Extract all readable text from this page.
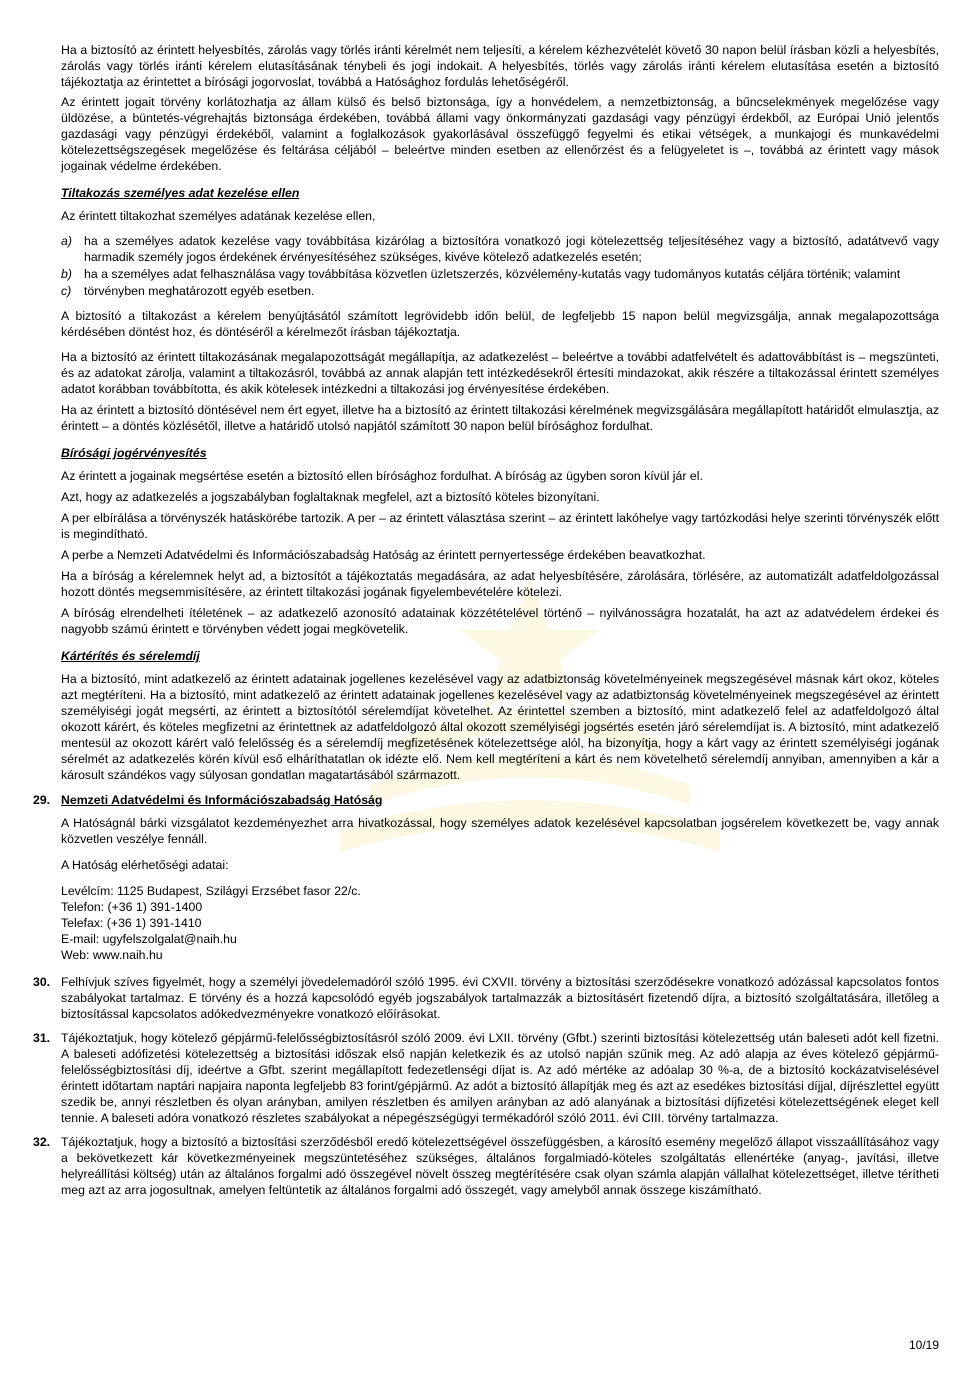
Ha a biztosító az érintett helyesbítés, zárolás vagy törlés iránti kérelmét nem teljesíti, a kérelem kézhezvételét követő 30 napon belül írásban közli a helyesbítés, zárolás vagy törlés iránti kérelem elutasításának ténybeli és jogi indokait. A helyesbítés, törlés vagy zárolás iránti kérelem elutasítása esetén a biztosító tájékoztatja az érintettet a bírósági jogorvoslat, továbbá a Hatósághoz fordulás lehetőségéről.

Az érintett jogait törvény korlátozhatja az állam külső és belső biztonsága, így a honvédelem, a nemzetbiztonság, a bűncselekmények megelőzése vagy üldözése, a büntetés-végrehajtás biztonsága érdekében, továbbá állami vagy önkormányzati gazdasági vagy pénzügyi érdekből, az Európai Unió jelentős gazdasági vagy pénzügyi érdekéből, valamint a foglalkozások gyakorlásával összefüggő fegyelmi és etikai vétségek, a munkajogi és munkavédelmi kötelezettségszegések megelőzése és feltárása céljából – beleértve minden esetben az ellenőrzést és a felügyeletet is –, továbbá az érintett vagy mások jogainak védelme érdekében.

Tiltakozás személyes adat kezelése ellen

Az érintett tiltakozhat személyes adatának kezelése ellen,

a) ha a személyes adatok kezelése vagy továbbítása kizárólag a biztosítóra vonatkozó jogi kötelezettség teljesítéséhez vagy a biztosító, adatátvevő vagy harmadik személy jogos érdekének érvényesítéséhez szükséges, kivéve kötelező adatkezelés esetén;
b) ha a személyes adat felhasználása vagy továbbítása közvetlen üzletszerzés, közvélemény-kutatás vagy tudományos kutatás céljára történik; valamint
c)	törvényben meghatározott egyéb esetben.

A biztosító a tiltakozást a kérelem benyújtásától számított legrövidebb időn belül, de legfeljebb 15 napon belül megvizsgálja, annak megalapozottsága kérdésében döntést hoz, és döntéséről a kérelmezőt írásban tájékoztatja.

Ha a biztosító az érintett tiltakozásának megalapozottságát megállapítja, az adatkezelést – beleértve a további adatfelvételt és adattovábbítást is – megszünteti, és az adatokat zárolja, valamint a tiltakozásról, továbbá az annak alapján tett intézkedésekről értesíti mindazokat, akik részére a tiltakozással érintett személyes adatot korábban továbbította, és akik kötelesek intézkedni a tiltakozási jog érvényesítése érdekében.

Ha az érintett a biztosító döntésével nem ért egyet, illetve ha a biztosító az érintett tiltakozási kérelmének megvizsgálására megállapított határidőt elmulasztja, az érintett – a döntés közlésétől, illetve a határidő utolsó napjától számított 30 napon belül bírósághoz fordulhat.

Bírósági jogérvényesítés

Az érintett a jogainak megsértése esetén a biztosító ellen bírósághoz fordulhat. A bíróság az ügyben soron kívül jár el.

Azt, hogy az adatkezelés a jogszabályban foglaltaknak megfelel, azt a biztosító köteles bizonyítani.

A per elbírálása a törvényszék hatáskörébe tartozik. A per – az érintett választása szerint – az érintett lakóhelye vagy tartózkodási helye szerinti törvényszék előtt is megindítható.

A perbe a Nemzeti Adatvédelmi és Információszabadság Hatóság az érintett pernyertessége érdekében beavatkozhat.

Ha a bíróság a kérelemnek helyt ad, a biztosítót a tájékoztatás megadására, az adat helyesbítésére, zárolására, törlésére, az automatizált adatfeldolgozással hozott döntés megsemmisítésére, az érintett tiltakozási jogának figyelembevételére kötelezi.

A bíróság elrendelheti ítéletének – az adatkezelő azonosító adatainak közzétételével történő – nyilvánosságra hozatalát, ha azt az adatvédelem érdekei és nagyobb számú érintett e törvényben védett jogai megkövetelik.

Kártérítés és sérelemdíj

Ha a biztosító, mint adatkezelő az érintett adatainak jogellenes kezelésével vagy az adatbiztonság követelményeinek megszegésével másnak kárt okoz, köteles azt megtéríteni. Ha a biztosító, mint adatkezelő az érintett adatainak jogellenes kezelésével vagy az adatbiztonság követelményeinek megszegésével az érintett személyiségi jogát megsérti, az érintett a biztosítótól sérelemdíjat követelhet. Az érintettel szemben a biztosító, mint adatkezelő felel az adatfeldolgozó által okozott kárért, és köteles megfizetni az érintettnek az adatfeldolgozó által okozott személyiségi jogsértés esetén járó sérelemdíjat is. A biztosító, mint adatkezelő mentesül az okozott kárért való felelősség és a sérelemdíj megfizetésének kötelezettsége alól, ha bizonyítja, hogy a kárt vagy az érintett személyiségi jogának sérelmét az adatkezelés körén kívül eső elháríthatatlan ok idézte elő. Nem kell megtéríteni a kárt és nem követelhető sérelemdíj annyiban, amennyiben a kár a károsult szándékos vagy súlyosan gondatlan magatartásából származott.

29. Nemzeti Adatvédelmi és Információszabadság Hatóság

A Hatóságnál bárki vizsgálatot kezdeményezhet arra hivatkozással, hogy személyes adatok kezelésével kapcsolatban jogsérelem következett be, vagy annak közvetlen veszélye fennáll.

A Hatóság elérhetőségi adatai:
Levélcím: 1125 Budapest, Szilágyi Erzsébet fasor 22/c.
Telefon: (+36 1) 391-1400
Telefax: (+36 1) 391-1410
E-mail: ugyfelszolgalat@naih.hu
Web: www.naih.hu
30. Felhívjuk szíves figyelmét, hogy a személyi jövedelemadóról szóló 1995. évi CXVII. törvény a biztosítási szerződésekre vonatkozó adózással kapcsolatos fontos szabályokat tartalmaz. E törvény és a hozzá kapcsolódó egyéb jogszabályok tartalmazzák a biztosításért fizetendő díjra, a biztosító szolgáltatására, illetőleg a biztosítással kapcsolatos adókedvezményekre vonatkozó előírásokat.

31. Tájékoztatjuk, hogy kötelező gépjármű-felelősségbiztosításról szóló 2009. évi LXII. törvény (Gfbt.) szerinti biztosítási kötelezettség után baleseti adót kell fizetni. A baleseti adófizetési kötelezettség a biztosítási időszak első napján keletkezik és az utolsó napján szűnik meg. Az adó alapja az éves kötelező gépjármű-felelősségbiztosítási díj, ideértve a Gfbt. szerint megállapított fedezetlenségi díjat is. Az adó mértéke az adóalap 30 %-a, de a biztosító kockázatviselésével érintett időtartam naptári napjaira naponta legfeljebb 83 forint/gépjármű. Az adót a biztosító állapítják meg és azt az esedékes biztosítási díjjal, díjrészlettel együtt szedik be, annyi részletben és olyan arányban, amilyen részletben és amilyen arányban az adó alanyának a biztosítási díjfizetési kötelezettségének eleget kell tennie. A baleseti adóra vonatkozó részletes szabályokat a népegészségügyi termékadóról szóló 2011. évi CIII. törvény tartalmazza.

32. Tájékoztatjuk, hogy a biztosító a biztosítási szerződésből eredő kötelezettségével összefüggésben, a károsító esemény megelőző állapot visszaállításához vagy a bekövetkezett kár következményeinek megszüntetéséhez szükséges, általános forgalmiadó-köteles szolgáltatás ellenértéke (anyag-, javítási, illetve helyreállítási költség) után az általános forgalmi adó összegével növelt összeg megtérítésére csak olyan számla alapján vállalhat kötelezettséget, illetve térítheti meg azt az arra jogosultnak, amelyen feltüntetik az általános forgalmi adó összegét, vagy amelyből annak összege kiszámítható.

10/19
